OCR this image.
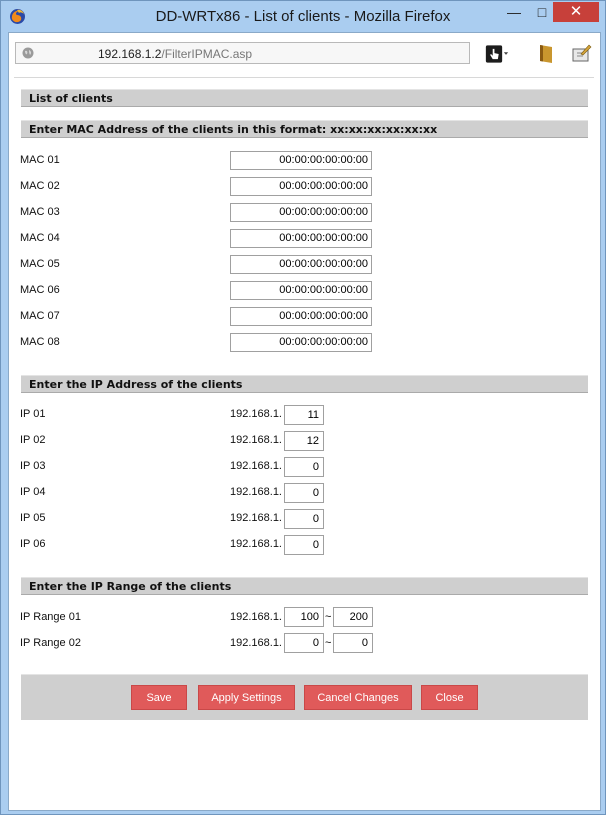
DD-WRTx86 - List of clients - Mozilla Firefox	—	□	✕
192.168.1.2/FilterIPMAC.asp
List of clients
Enter MAC Address of the clients in this format: xx:xx:xx:xx:xx:xx
MAC 01	00:00:00:00:00:00
MAC 02	00:00:00:00:00:00
MAC 03	00:00:00:00:00:00
MAC 04	00:00:00:00:00:00
MAC 05	00:00:00:00:00:00
MAC 06	00:00:00:00:00:00
MAC 07	00:00:00:00:00:00
MAC 08	00:00:00:00:00:00
Enter the IP Address of the clients
IP 01	192.168.1.	11
IP 02	192.168.1.	12
IP 03	192.168.1.	0
IP 04	192.168.1.	0
IP 05	192.168.1.	0
IP 06	192.168.1.	0
Enter the IP Range of the clients
IP Range 01	192.168.1.	100 ~	200
IP Range 02	192.168.1.	0 ~	0
Save	Apply Settings	Cancel Changes	Close
